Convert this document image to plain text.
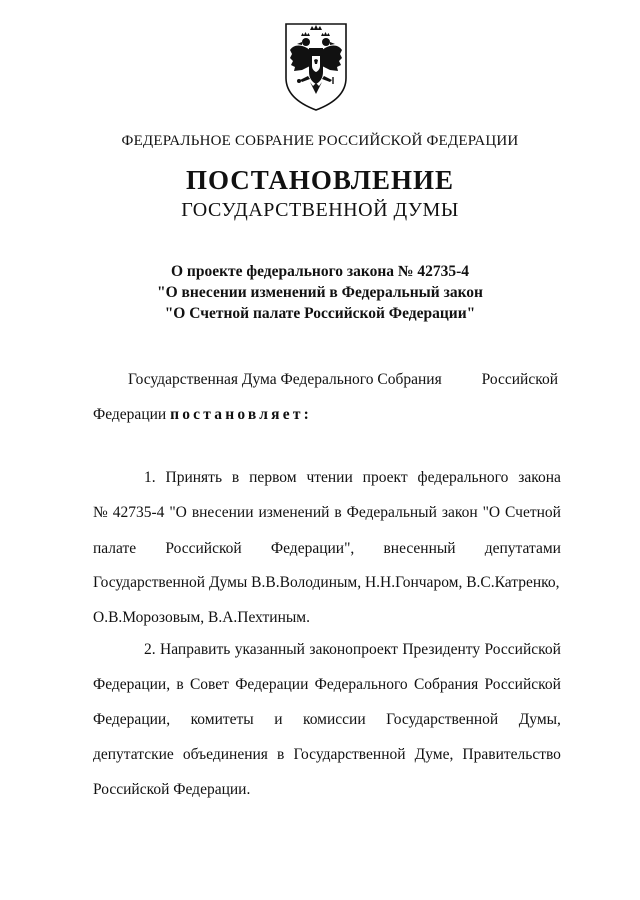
ФЕДЕРАЛЬНОЕ СОБРАНИЕ РОССИЙСКОЙ ФЕДЕРАЦИИ
ПОСТАНОВЛЕНИЕ
ГОСУДАРСТВЕННОЙ ДУМЫ
О проекте федерального закона № 42735-4
"О внесении изменений в Федеральный закон
"О Счетной палате Российской Федерации"
Государственная Дума Федерального Собрания	Российской
Федерации постановляет:
1. Принять в первом чтении проект федерального закона
№ 42735-4 "О внесении изменений в Федеральный закон "О Счетной
палате Российской Федерации", внесенный депутатами
Государственной Думы В.В.Володиным, Н.Н.Гончаром, В.С.Катренко,
О.В.Морозовым, В.А.Пехтиным.
2. Направить указанный законопроект Президенту Российской
Федерации, в Совет Федерации Федерального Собрания Российской
Федерации, комитеты и комиссии Государственной Думы,
депутатские объединения в Государственной Думе, Правительство
Российской Федерации.
